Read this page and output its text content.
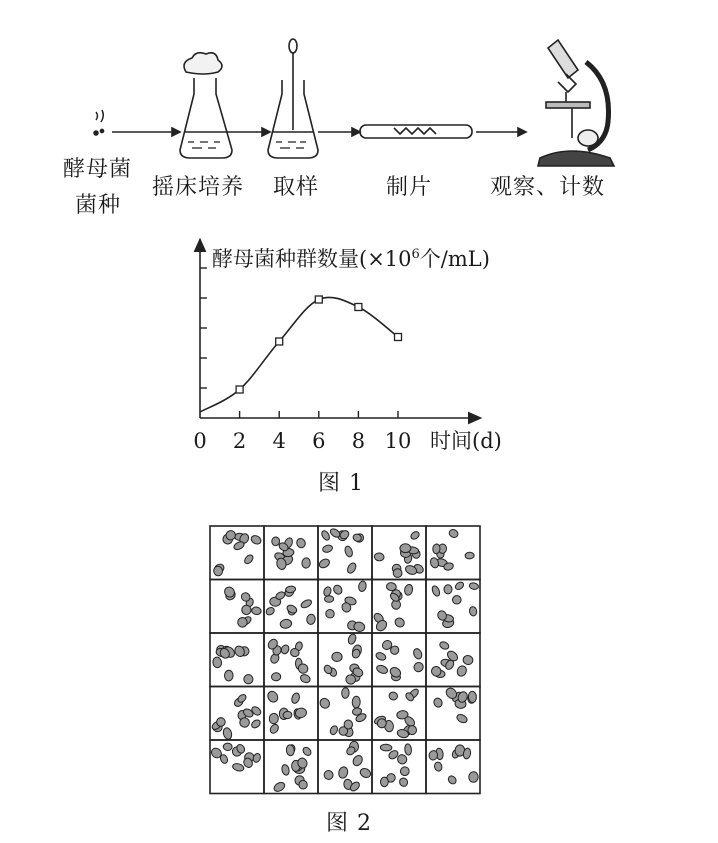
酵母菌
菌种
摇床培养 取样	制片	观察、计数
0 2 4 6 8 10
酵母菌种群数量($\times 10^6$个/mL)
时间(d)
图 1
图 2
